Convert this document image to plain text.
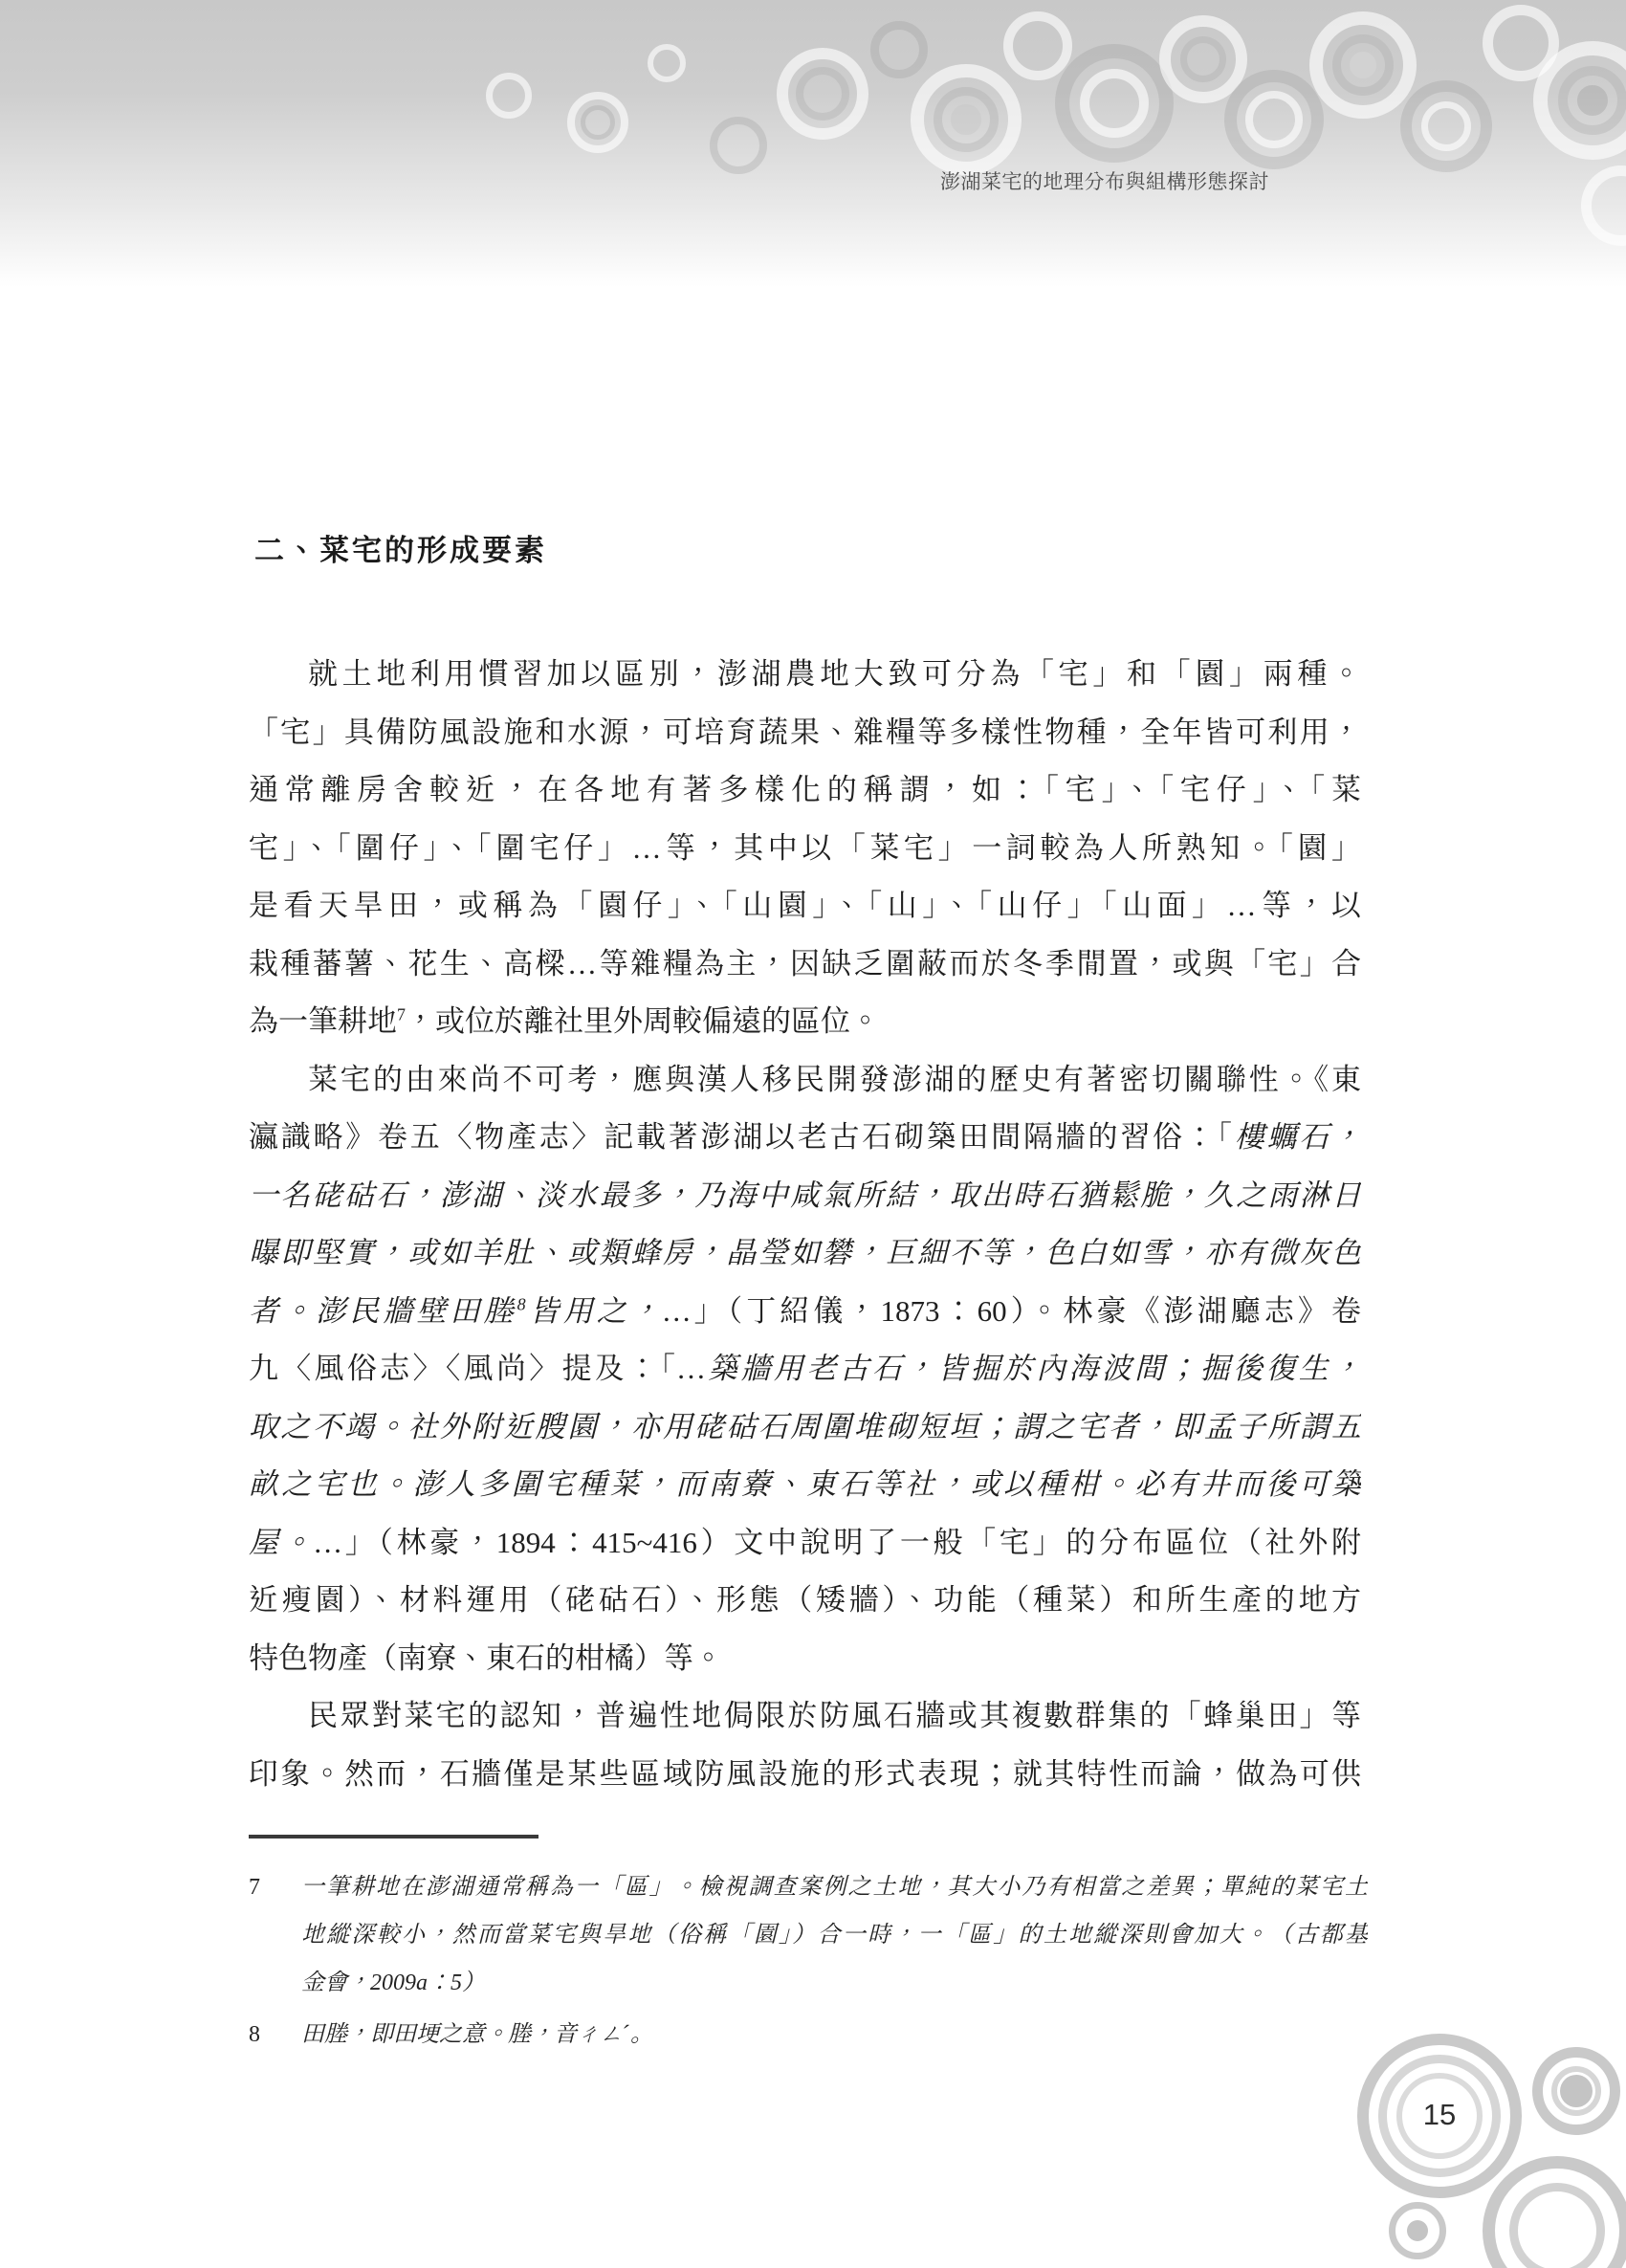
澎湖菜宅的地理分布與組構形態探討
二、菜宅的形成要素
就土地利用慣習加以區別，澎湖農地大致可分為「宅」和「園」兩種。
「宅」具備防風設施和水源，可培育蔬果、雜糧等多樣性物種，全年皆可利用，
通常離房舍較近，在各地有著多樣化的稱謂，如：「宅」、「宅仔」、「菜
宅」、「圍仔」、「圍宅仔」…等，其中以「菜宅」一詞較為人所熟知。「園」
是看天旱田，或稱為「園仔」、「山園」、「山」、「山仔」「山面」…等，以
栽種蕃薯、花生、高樑…等雜糧為主，因缺乏圍蔽而於冬季閒置，或與「宅」合
為一筆耕地$^7$，或位於離社里外周較偏遠的區位。
菜宅的由來尚不可考，應與漢人移民開發澎湖的歷史有著密切關聯性。《東
瀛識略》卷五〈物產志〉記載著澎湖以老古石砌築田間隔牆的習俗：「樓蠣石，
一名硓𥑮石，澎湖、淡水最多，乃海中咸氣所結，取出時石猶鬆脆，久之雨淋日
曝即堅實，或如羊肚、或類蜂房，晶瑩如礬，巨細不等，色白如雪，亦有微灰色
者。澎民牆壁田塍$^8$皆用之，…」（丁紹儀，1873：60）。林豪《澎湖廳志》卷
九〈風俗志〉〈風尚〉提及：「…築牆用老古石，皆掘於內海波間；掘後復生，
取之不竭。社外附近膄園，亦用硓𥑮石周圍堆砌短垣；謂之宅者，即孟子所謂五
畝之宅也。澎人多圍宅種菜，而南藔、東石等社，或以種柑。必有井而後可築
屋。…」（林豪，1894：415~416）文中說明了一般「宅」的分布區位（社外附
近瘦園）、材料運用（硓𥑮石）、形態（矮牆）、功能（種菜）和所生產的地方
特色物產（南寮、東石的柑橘）等。
民眾對菜宅的認知，普遍性地侷限於防風石牆或其複數群集的「蜂巢田」等
印象。然而，石牆僅是某些區域防風設施的形式表現；就其特性而論，做為可供
7	一筆耕地在澎湖通常稱為一「區」。檢視調查案例之土地，其大小乃有相當之差異；單純的菜宅土
地縱深較小，然而當菜宅與旱地（俗稱「園」）合一時，一「區」的土地縱深則會加大。（古都基
金會，2009a：5）
8	田塍，即田埂之意。塍，音ㄔㄥˊ。
15
